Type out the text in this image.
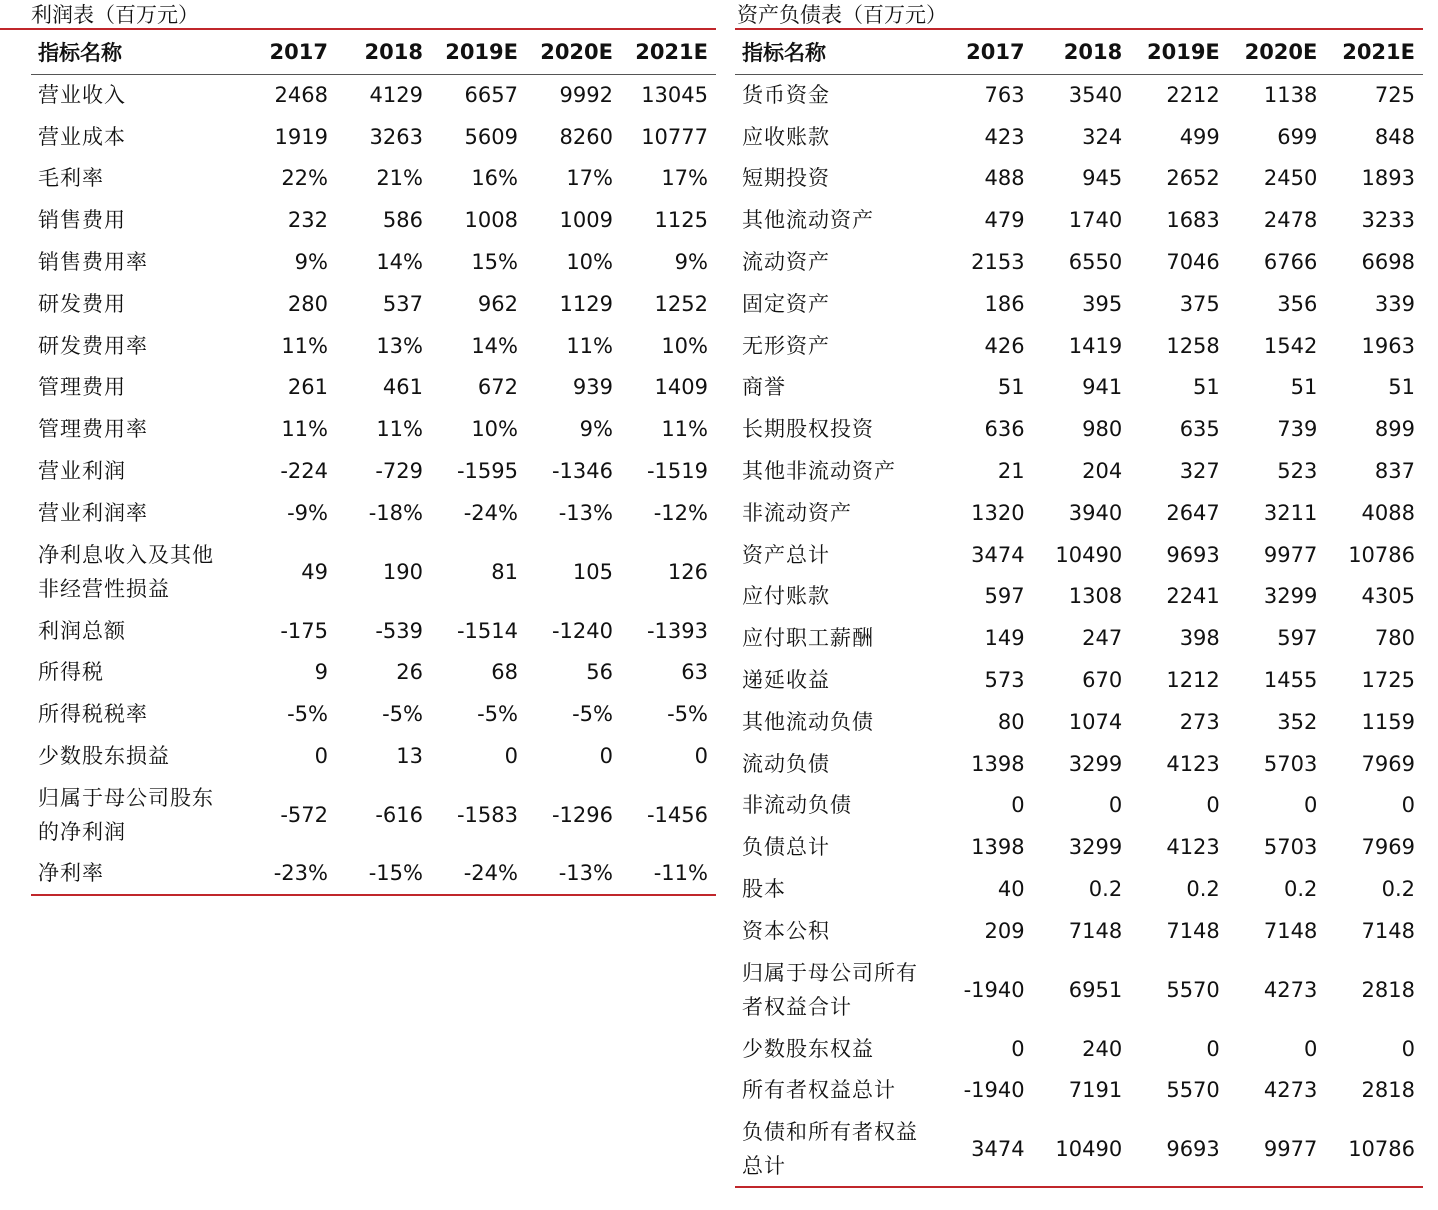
利润表（百万元）
指标名称	2017	2018	2019E	2020E	2021E
营业收入	2468	4129	6657	9992	13045
营业成本	1919	3263	5609	8260	10777
毛利率	22%	21%	16%	17%	17%
销售费用	232	586	1008	1009	1125
销售费用率	9%	14%	15%	10%	9%
研发费用	280	537	962	1129	1252
研发费用率	11%	13%	14%	11%	10%
管理费用	261	461	672	939	1409
管理费用率	11%	11%	10%	9%	11%
营业利润	-224	-729	-1595	-1346	-1519
营业利润率	-9%	-18%	-24%	-13%	-12%
净利息收入及其他非经营性损益	49	190	81	105	126
利润总额	-175	-539	-1514	-1240	-1393
所得税	9	26	68	56	63
所得税税率	-5%	-5%	-5%	-5%	-5%
少数股东损益	0	13	0	0	0
归属于母公司股东的净利润	-572	-616	-1583	-1296	-1456
净利率	-23%	-15%	-24%	-13%	-11%
资产负债表（百万元）
指标名称	2017	2018	2019E	2020E	2021E
货币资金	763	3540	2212	1138	725
应收账款	423	324	499	699	848
短期投资	488	945	2652	2450	1893
其他流动资产	479	1740	1683	2478	3233
流动资产	2153	6550	7046	6766	6698
固定资产	186	395	375	356	339
无形资产	426	1419	1258	1542	1963
商誉	51	941	51	51	51
长期股权投资	636	980	635	739	899
其他非流动资产	21	204	327	523	837
非流动资产	1320	3940	2647	3211	4088
资产总计	3474	10490	9693	9977	10786
应付账款	597	1308	2241	3299	4305
应付职工薪酬	149	247	398	597	780
递延收益	573	670	1212	1455	1725
其他流动负债	80	1074	273	352	1159
流动负债	1398	3299	4123	5703	7969
非流动负债	0	0	0	0	0
负债总计	1398	3299	4123	5703	7969
股本	40	0.2	0.2	0.2	0.2
资本公积	209	7148	7148	7148	7148
归属于母公司所有者权益合计	-1940	6951	5570	4273	2818
少数股东权益	0	240	0	0	0
所有者权益总计	-1940	7191	5570	4273	2818
负债和所有者权益总计	3474	10490	9693	9977	10786
